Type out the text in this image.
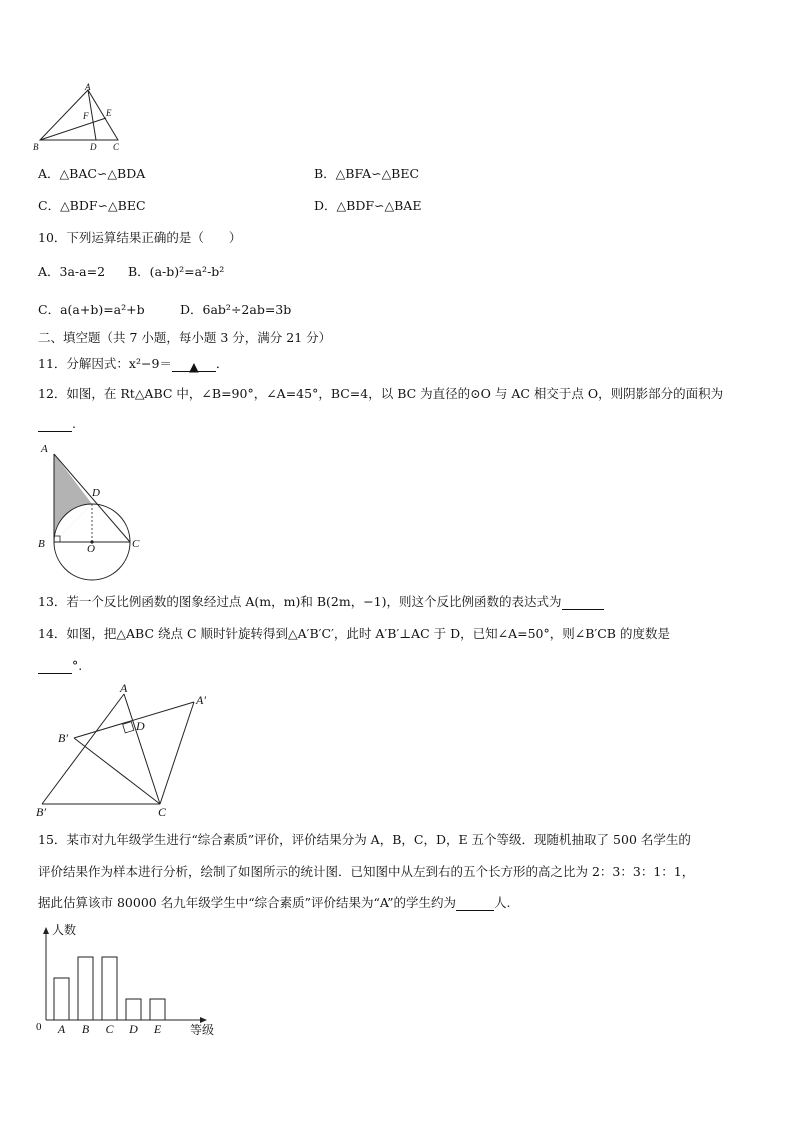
A
B	C
D
E
F
A．△BAC∽△BDA	B．△BFA∽△BEC
C．△BDF∽△BEC	D．△BDF∽△BAE
10．下列运算结果正确的是（　　）
A．3a-a=2 B．(a-b)²=a²-b²
C．a(a+b)=a²+b	D．6ab²÷2ab=3b
二、填空题（共 7 小题，每小题 3 分，满分 21 分）
11．分解因式：x²−9＝ ▲ ．
12．如图，在 Rt△ABC 中，∠B=90°，∠A=45°，BC=4，以 BC 为直径的⊙O 与 AC 相交于点 O，则阴影部分的面积为
.
A
B	C
D
O
13．若一个反比例函数的图象经过点 A(m，m)和 B(2m，−1)，则这个反比例函数的表达式为
14．如图，把△ABC 绕点 C 顺时针旋转得到△A′B′C′，此时 A′B′⊥AC 于 D，已知∠A=50°，则∠B′CB 的度数是
°.
A
A′
B′
B′	C
D
15．某市对九年级学生进行“综合素质”评价，评价结果分为 A，B，C，D，E 五个等级．现随机抽取了 500 名学生的
评价结果作为样本进行分析，绘制了如图所示的统计图．已知图中从左到右的五个长方形的高之比为 2：3：3：1：1，
据此估算该市 80000 名九年级学生中“综合素质”评价结果为“A”的学生约为	人.
人数
等级
0 A B C D E
